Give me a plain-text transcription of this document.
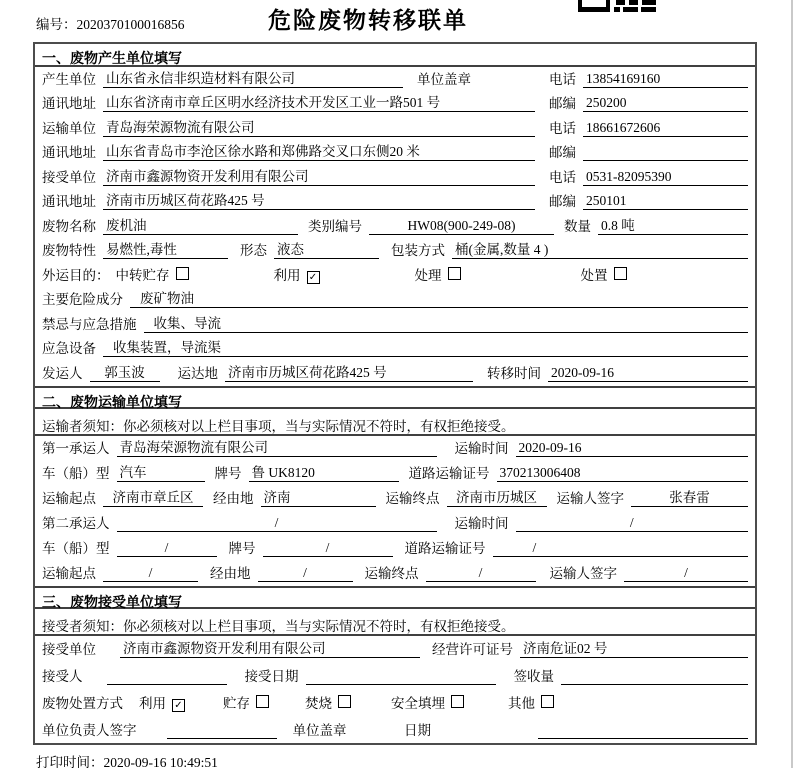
编号：2020370100016856	危险废物转移联单
一、废物产生单位填写
产生单位 山东省永信非织造材料有限公司	单位盖章	电话 13854169160
通讯地址 山东省济南市章丘区明水经济技术开发区工业一路501 号	邮编 250200
运输单位 青岛海荣源物流有限公司	电话 18661672606
通讯地址 山东省青岛市李沧区徐水路和郑佛路交叉口东侧20 米	邮编
接受单位 济南市鑫源物资开发利用有限公司	电话 0531-82095390
通讯地址 济南市历城区荷花路425 号	邮编 250101
废物名称 废机油	类别编号	HW08(900-249-08)	数量 0.8 吨
废物特性 易燃性,毒性	形态 液态	包装方式 桶(金属,数量 4 )
外运目的： 中转贮存	利用 ✓	处理	处置
主要危险成分	废矿物油
禁忌与应急措施	收集、导流
应急设备	收集装置，导流渠
发运人	郭玉波	运达地 济南市历城区荷花路425 号	转移时间 2020-09-16
二、废物运输单位填写
运输者须知：你必须核对以上栏目事项，当与实际情况不符时，有权拒绝接受。
第一承运人 青岛海荣源物流有限公司	运输时间 2020-09-16
车（船）型 汽车	牌号 鲁 UK8120	道路运输证号 370213006408
运输起点	济南市章丘区	经由地 济南	运输终点	济南市历城区	运输人签字	张春雷
第二承运人	/	运输时间	/
车（船）型	/	牌号	/	道路运输证号	/
运输起点	/	经由地	/	运输终点	/	运输人签字	/
三、废物接受单位填写
接受者须知：你必须核对以上栏目事项，当与实际情况不符时，有权拒绝接受。
接受单位 济南市鑫源物资开发利用有限公司	经营许可证号 济南危证02 号
接受人	接受日期	签收量
废物处置方式 利用 ✓	贮存	焚烧	安全填埋	其他
单位负责人签字	单位盖章	日期
打印时间：2020-09-16 10:49:51
